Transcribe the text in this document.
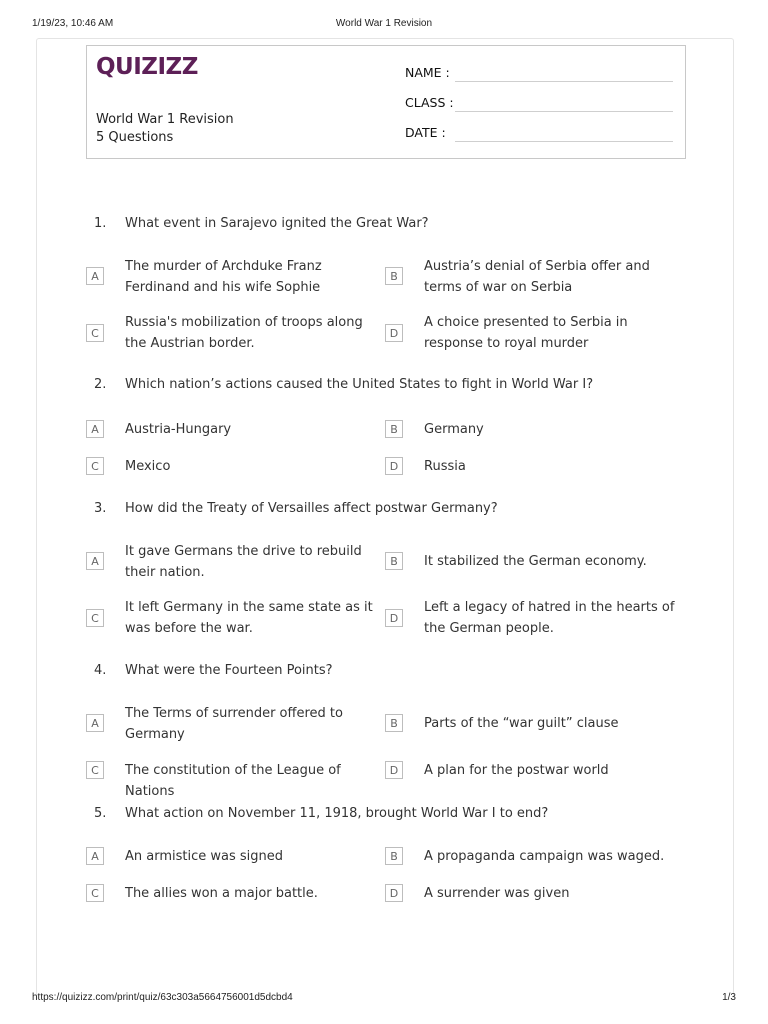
1/19/23, 10:46 AM	World War 1 Revision
QUIZIZZ
World War 1 Revision
5 Questions
NAME :
CLASS :
DATE :
1. What event in Sarajevo ignited the Great War?
A
The murder of Archduke Franz Ferdinand and his wife Sophie
B
Austria’s denial of Serbia offer and terms of war on Serbia
C
Russia's mobilization of troops along the Austrian border.
D
A choice presented to Serbia in response to royal murder
2. Which nation’s actions caused the United States to fight in World War I?
A	Austria-Hungary	B	Germany
C	Mexico	D	Russia
3. How did the Treaty of Versailles affect postwar Germany?
A
It gave Germans the drive to rebuild their nation.
B	It stabilized the German economy.
C
It left Germany in the same state as it was before the war.
D
Left a legacy of hatred in the hearts of the German people.
4. What were the Fourteen Points?
A
The Terms of surrender offered to Germany
B	Parts of the “war guilt” clause
C	The constitution of the League of Nations
D	A plan for the postwar world
5. What action on November 11, 1918, brought World War I to end?
A	An armistice was signed	B	A propaganda campaign was waged.
C	The allies won a major battle.	D	A surrender was given
https://quizizz.com/print/quiz/63c303a5664756001d5dcbd4	1/3
